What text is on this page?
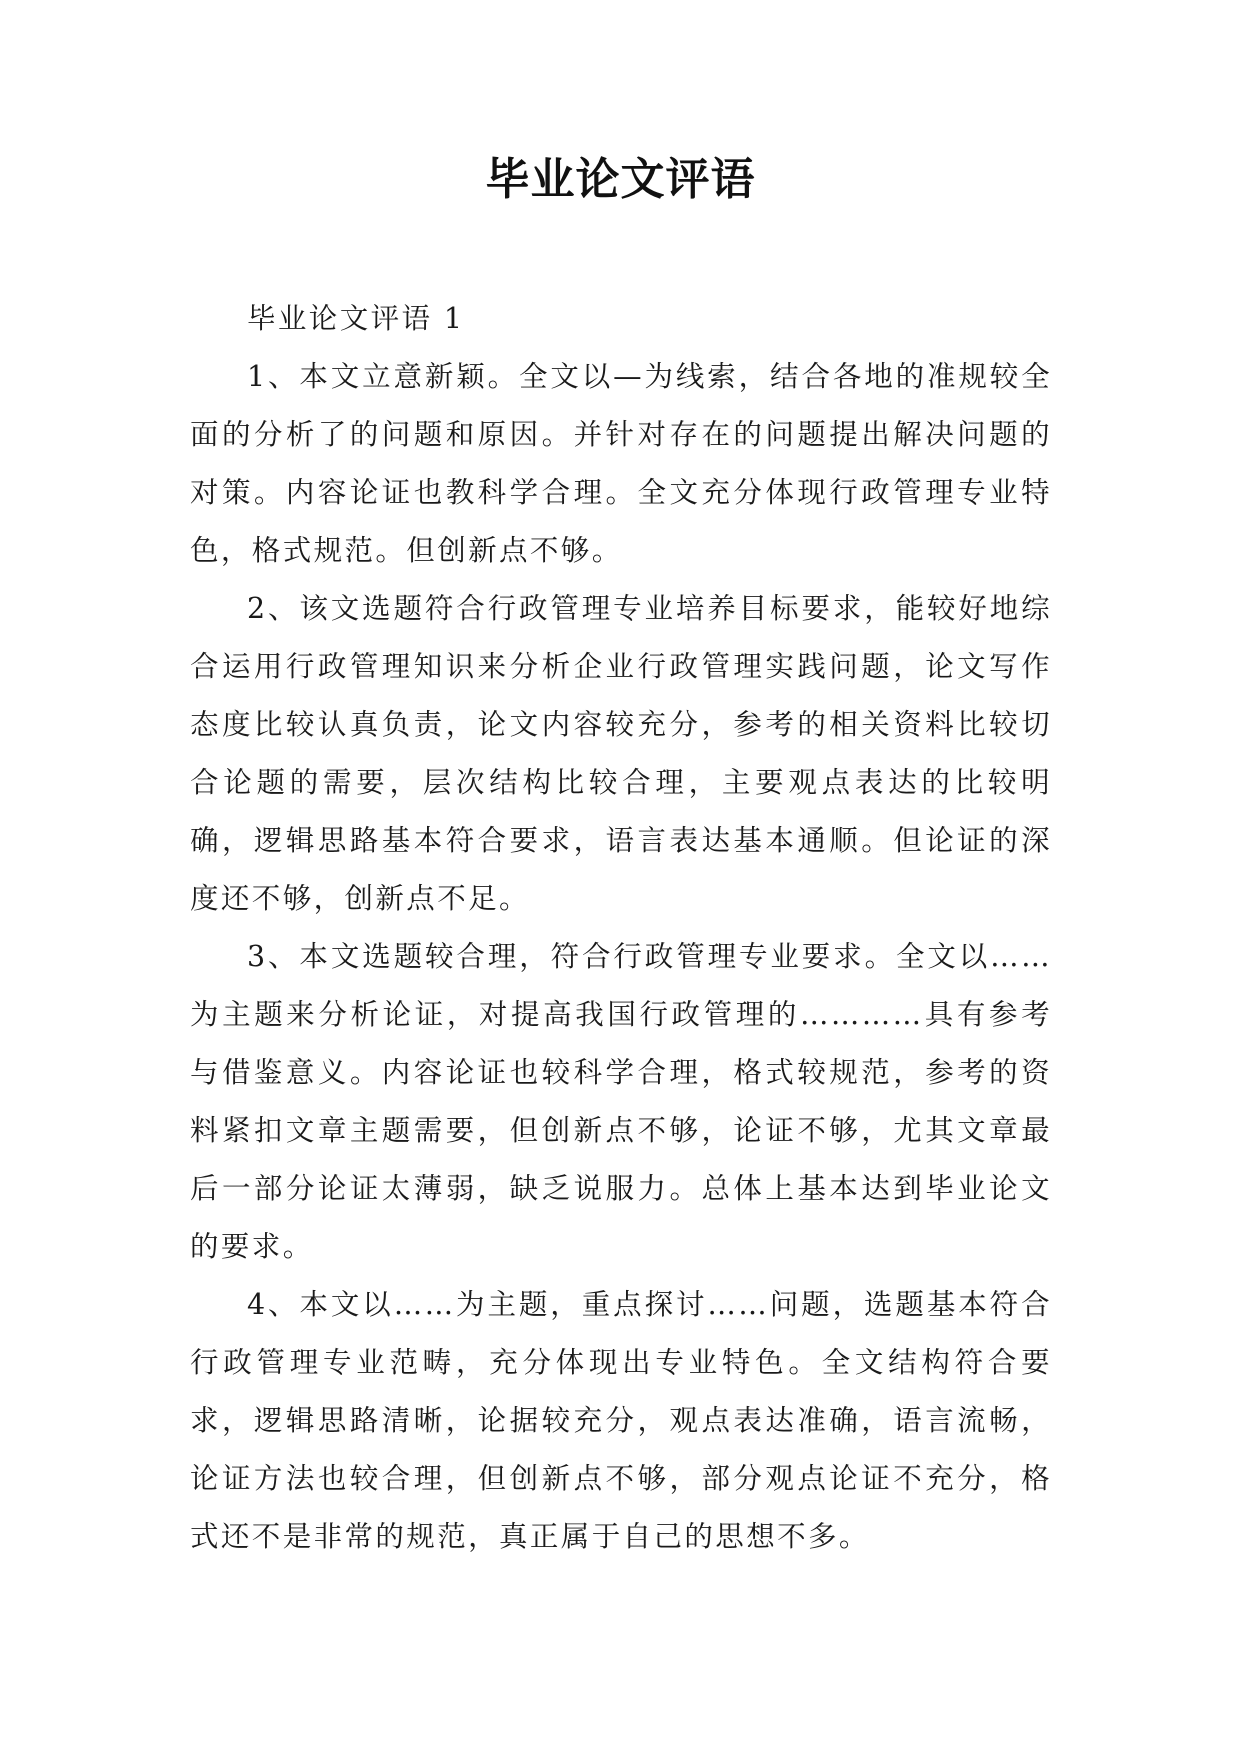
毕业论文评语

毕业论文评语 1

1、本文立意新颖。全文以—为线索，结合各地的准规较全面的分析了的问题和原因。并针对存在的问题提出解决问题的对策。内容论证也教科学合理。全文充分体现行政管理专业特色，格式规范。但创新点不够。

2、该文选题符合行政管理专业培养目标要求，能较好地综合运用行政管理知识来分析企业行政管理实践问题，论文写作态度比较认真负责，论文内容较充分，参考的相关资料比较切合论题的需要，层次结构比较合理，主要观点表达的比较明确，逻辑思路基本符合要求，语言表达基本通顺。但论证的深度还不够，创新点不足。

3、本文选题较合理，符合行政管理专业要求。全文以……为主题来分析论证，对提高我国行政管理的…………具有参考与借鉴意义。内容论证也较科学合理，格式较规范，参考的资料紧扣文章主题需要，但创新点不够，论证不够，尤其文章最后一部分论证太薄弱，缺乏说服力。总体上基本达到毕业论文的要求。

4、本文以……为主题，重点探讨……问题，选题基本符合行政管理专业范畴，充分体现出专业特色。全文结构符合要求，逻辑思路清晰，论据较充分，观点表达准确，语言流畅，论证方法也较合理，但创新点不够，部分观点论证不充分，格式还不是非常的规范，真正属于自己的思想不多。
